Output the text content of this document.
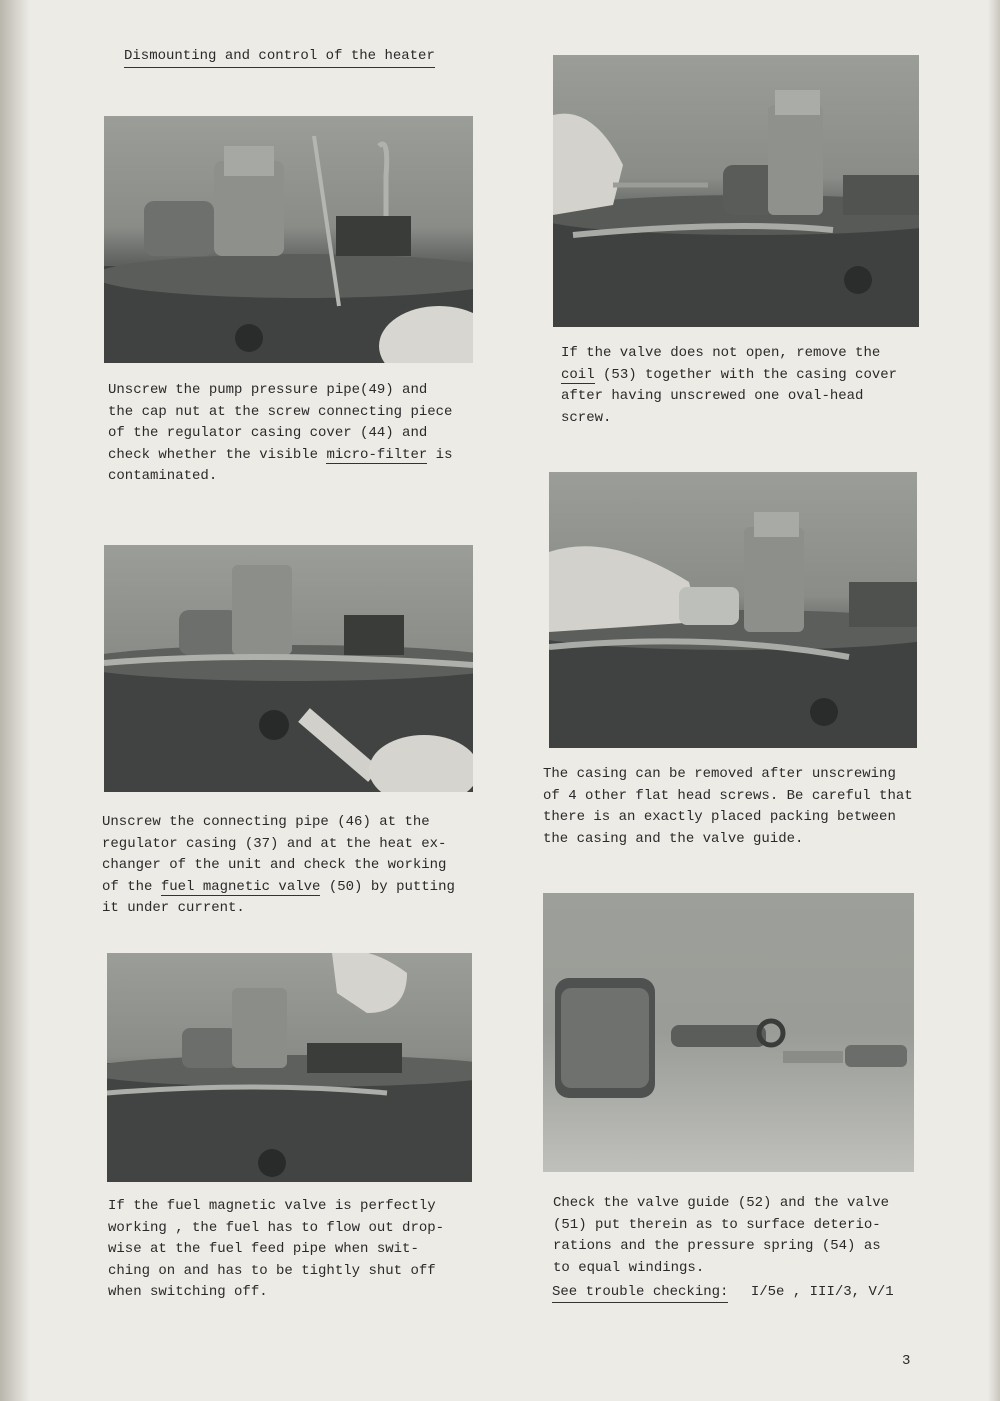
Dismounting and control of the heater
Unscrew the pump pressure pipe(49) and
the cap nut at the screw connecting piece
of the regulator casing cover (44) and
check whether the visible micro-filter is
contaminated.
If the valve does not open, remove the
coil (53) together with the casing cover
after having unscrewed one oval-head
screw.
Unscrew the connecting pipe (46) at the
regulator casing (37) and at the heat ex-
changer of the unit and check the working
of the fuel magnetic valve (50) by putting
it under current.
The casing can be removed after unscrewing
of 4 other flat head screws. Be careful that
there is an exactly placed packing between
the casing and the valve guide.
If the fuel magnetic valve is perfectly
working , the fuel has to flow out drop-
wise at the fuel feed pipe when swit-
ching on and has to be tightly shut off
when switching off.
Check the valve guide (52) and the valve
(51) put therein as to surface deterio-
rations and the pressure spring (54) as
to equal windings.
See trouble checking: I/5e , III/3, V/1
3
